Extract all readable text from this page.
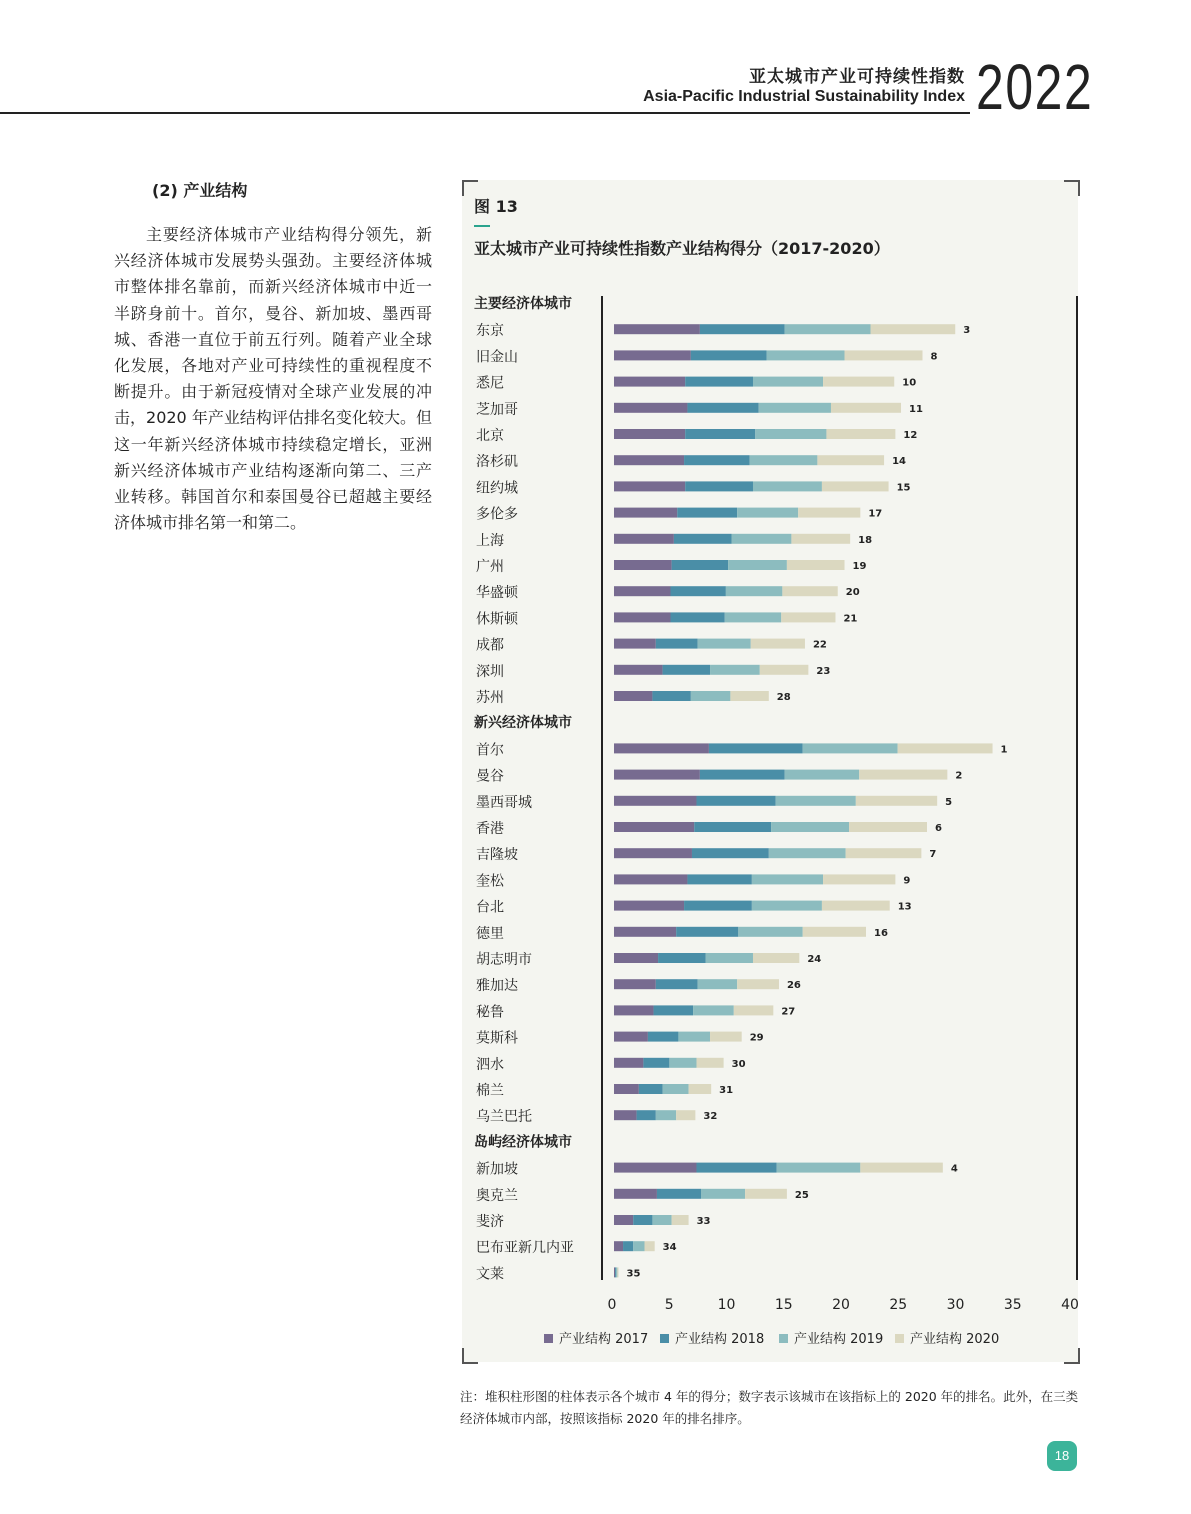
亚太城市产业可持续性指数
Asia-Pacific Industrial Sustainability Index 2022
(2) 产业结构

主要经济体城市产业结构得分领先，新兴经济体城市发展势头强劲。主要经济体城市整体排名靠前，而新兴经济体城市中近一半跻身前十。首尔，曼谷、新加坡、墨西哥城、香港一直位于前五行列。随着产业全球化发展，各地对产业可持续性的重视程度不断提升。由于新冠疫情对全球产业发展的冲击，2020 年产业结构评估排名变化较大。但这一年新兴经济体城市持续稳定增长，亚洲新兴经济体城市产业结构逐渐向第二、三产业转移。韩国首尔和泰国曼谷已超越主要经济体城市排名第一和第二。

图 13
亚太城市产业可持续性指数产业结构得分（2017-2020）
主要经济体城市
东京	3
旧金山	8
悉尼	10
芝加哥	11
北京	12
洛杉矶	14
纽约城	15
多伦多	17
上海	18
广州	19
华盛顿	20
休斯顿	21
成都	22
深圳	23
苏州	28
新兴经济体城市
首尔	1
曼谷	2
墨西哥城	5
香港	6
吉隆坡	7
奎松	9
台北	13
德里	16
胡志明市	24
雅加达	26
秘鲁	27
莫斯科	29
泗水	30
棉兰	31
乌兰巴托	32
岛屿经济体城市
新加坡	4
奥克兰	25
斐济	33
巴布亚新几内亚	34
文莱	35
0	5	10	15	20	25	30	35	40
产业结构 2017 产业结构 2018 产业结构 2019 产业结构 2020
注：堆积柱形图的柱体表示各个城市 4 年的得分；数字表示该城市在该指标上的 2020 年的排名。此外，在三类经济体城市内部，按照该指标 2020 年的排名排序。
18
